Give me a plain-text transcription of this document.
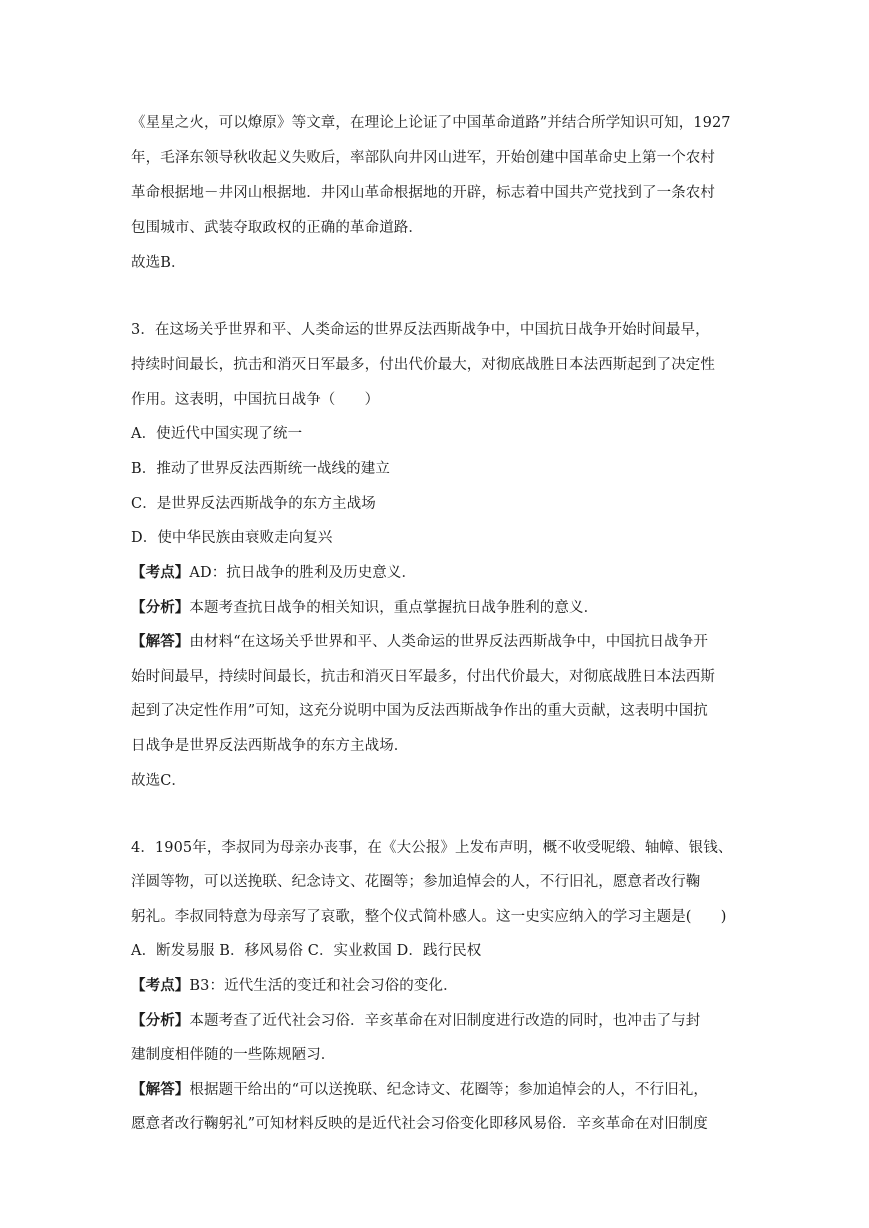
《星星之火，可以燎原》等文章，在理论上论证了中国革命道路”并结合所学知识可知，1927
年，毛泽东领导秋收起义失败后，率部队向井冈山进军，开始创建中国革命史上第一个农村
革命根据地－井冈山根据地．井冈山革命根据地的开辟，标志着中国共产党找到了一条农村
包围城市、武装夺取政权的正确的革命道路．
故选B．
3．在这场关乎世界和平、人类命运的世界反法西斯战争中，中国抗日战争开始时间最早，
持续时间最长，抗击和消灭日军最多，付出代价最大，对彻底战胜日本法西斯起到了决定性
作用。这表明，中国抗日战争（　　）
A．使近代中国实现了统一
B．推动了世界反法西斯统一战线的建立
C．是世界反法西斯战争的东方主战场
D．使中华民族由衰败走向复兴
【考点】AD：抗日战争的胜利及历史意义．
【分析】本题考查抗日战争的相关知识，重点掌握抗日战争胜利的意义．
【解答】由材料“在这场关乎世界和平、人类命运的世界反法西斯战争中，中国抗日战争开
始时间最早，持续时间最长，抗击和消灭日军最多，付出代价最大，对彻底战胜日本法西斯
起到了决定性作用”可知，这充分说明中国为反法西斯战争作出的重大贡献，这表明中国抗
日战争是世界反法西斯战争的东方主战场．
故选C．
4．1905年，李叔同为母亲办丧事，在《大公报》上发布声明，概不收受呢缎、轴幛、银钱、
洋圆等物，可以送挽联、纪念诗文、花圈等；参加追悼会的人，不行旧礼，愿意者改行鞠
躬礼。李叔同特意为母亲写了哀歌，整个仪式简朴感人。这一史实应纳入的学习主题是(　　)
A．断发易服 B．移风易俗 C．实业救国 D．践行民权
【考点】B3：近代生活的变迁和社会习俗的变化．
【分析】本题考查了近代社会习俗．辛亥革命在对旧制度进行改造的同时，也冲击了与封
建制度相伴随的一些陈规陋习．
【解答】根据题干给出的“可以送挽联、纪念诗文、花圈等；参加追悼会的人，不行旧礼，
愿意者改行鞠躬礼”可知材料反映的是近代社会习俗变化即移风易俗．辛亥革命在对旧制度
